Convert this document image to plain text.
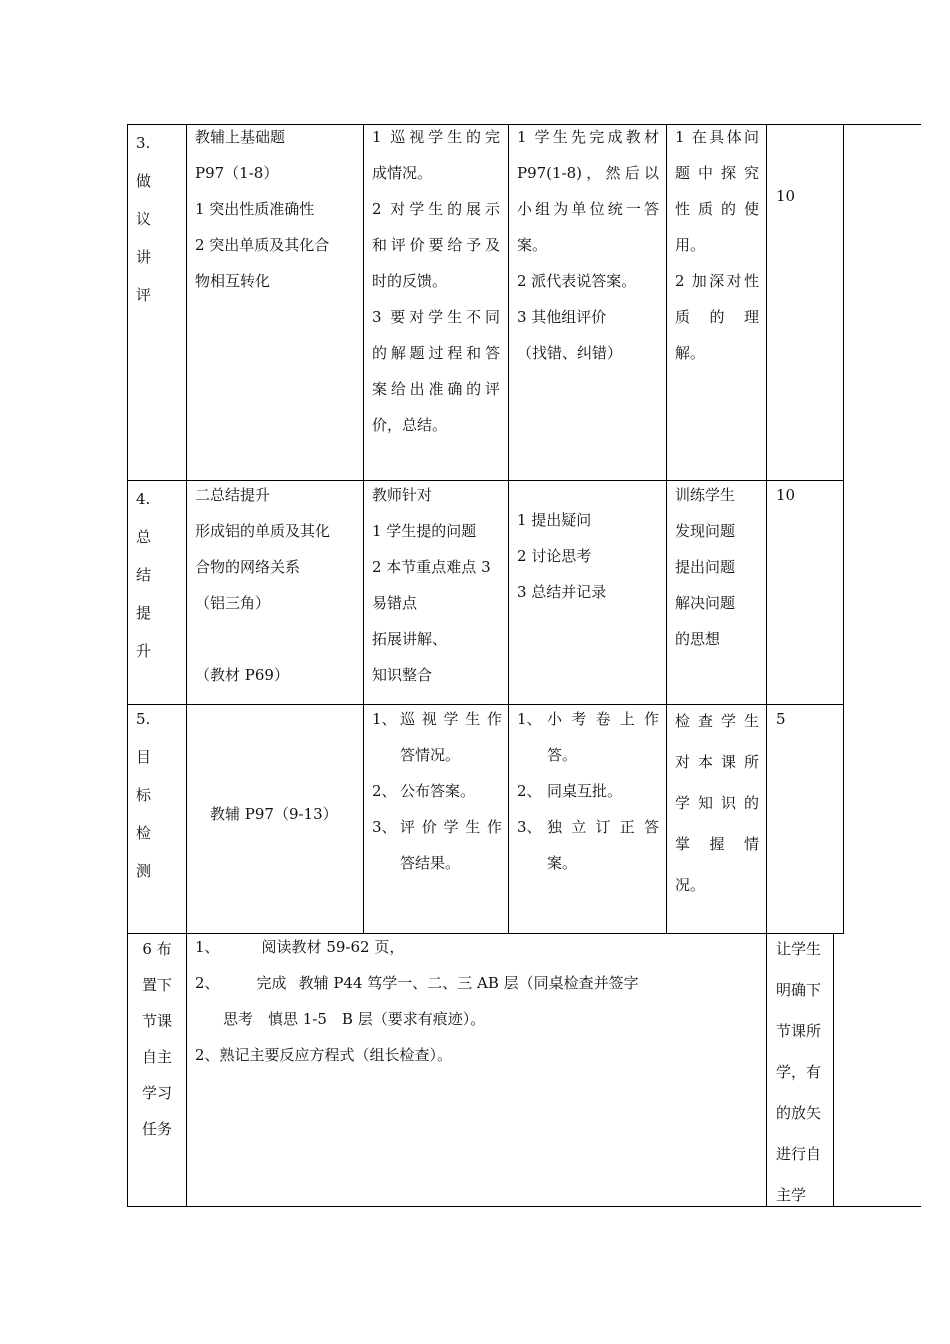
3.
做
议
讲
评
教辅上基础题
P97（1-8）
1 突出性质准确性
2 突出单质及其化合
物相互转化
1 巡视学生的完
成情况。
2 对学生的展示
和评价要给予及
时的反馈。
3 要对学生不同
的解题过程和答
案给出准确的评
价，总结。
1 学生先完成教材
P97(1-8)，然后以
小组为单位统一答
案。
2 派代表说答案。
3 其他组评价
（找错、纠错）
1 在具体问
题中探究
性质的使
用。
2 加深对性
质的理
解。
10
4.
总
结
提
升
二总结提升
形成铝的单质及其化
合物的网络关系
（铝三角）

（教材 P69）
教师针对
1 学生提的问题
2 本节重点难点 3
易错点
拓展讲解、
知识整合
1 提出疑问
2 讨论思考
3 总结并记录
训练学生
发现问题
提出问题
解决问题
的思想
10
5.
目
标
检
测
教辅 P97（9-13）
1、 巡视学生作
答情况。
2、 公布答案。
3、 评价学生作
答结果。
1、 小考卷上作
答。
2、 同桌互批。
3、 独立订正答
案。
检查学生
对本课所
学知识的
掌握情
况。
5
6 布
置下
节课
自主
学习
任务
1、	阅读教材 59-62 页，
2、 完成 教辅 P44 笃学一、二、三 AB 层（同桌检查并签字
思考　慎思 1-5　B 层（要求有痕迹）。
2、熟记主要反应方程式（组长检查）。
让学生
明确下
节课所
学，有
的放矢
进行自
主学
